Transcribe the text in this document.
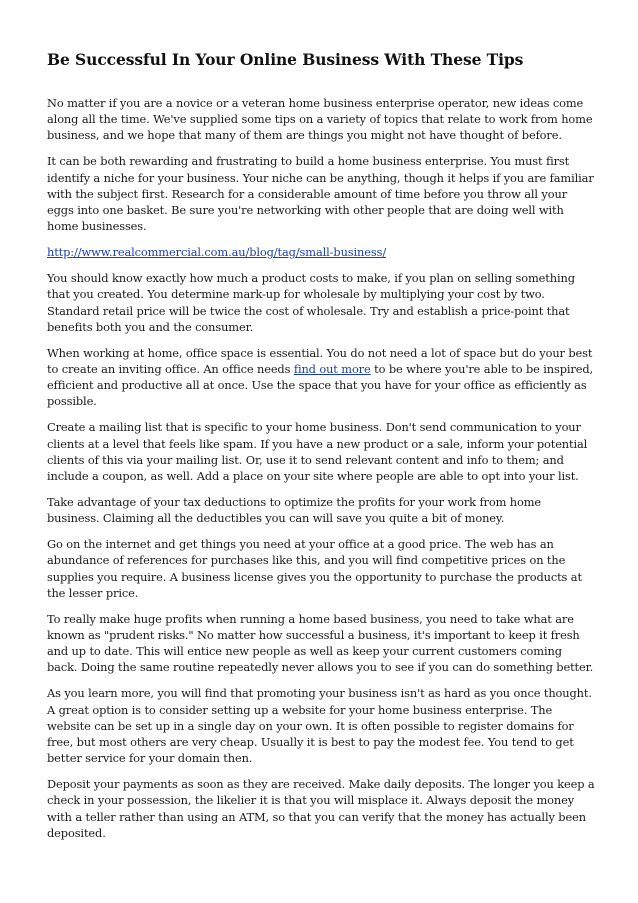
Be Successful In Your Online Business With These Tips

No matter if you are a novice or a veteran home business enterprise operator, new ideas come along all the time. We've supplied some tips on a variety of topics that relate to work from home business, and we hope that many of them are things you might not have thought of before.

It can be both rewarding and frustrating to build a home business enterprise. You must first identify a niche for your business. Your niche can be anything, though it helps if you are familiar with the subject first. Research for a considerable amount of time before you throw all your eggs into one basket. Be sure you're networking with other people that are doing well with home businesses.

http://www.realcommercial.com.au/blog/tag/small-business/

You should know exactly how much a product costs to make, if you plan on selling something that you created. You determine mark-up for wholesale by multiplying your cost by two. Standard retail price will be twice the cost of wholesale. Try and establish a price-point that benefits both you and the consumer.

When working at home, office space is essential. You do not need a lot of space but do your best to create an inviting office. An office needs find out more to be where you're able to be inspired, efficient and productive all at once. Use the space that you have for your office as efficiently as possible.

Create a mailing list that is specific to your home business. Don't send communication to your clients at a level that feels like spam. If you have a new product or a sale, inform your potential clients of this via your mailing list. Or, use it to send relevant content and info to them; and include a coupon, as well. Add a place on your site where people are able to opt into your list.

Take advantage of your tax deductions to optimize the profits for your work from home business. Claiming all the deductibles you can will save you quite a bit of money.

Go on the internet and get things you need at your office at a good price. The web has an abundance of references for purchases like this, and you will find competitive prices on the supplies you require. A business license gives you the opportunity to purchase the products at the lesser price.

To really make huge profits when running a home based business, you need to take what are known as "prudent risks." No matter how successful a business, it's important to keep it fresh and up to date. This will entice new people as well as keep your current customers coming back. Doing the same routine repeatedly never allows you to see if you can do something better.

As you learn more, you will find that promoting your business isn't as hard as you once thought. A great option is to consider setting up a website for your home business enterprise. The website can be set up in a single day on your own. It is often possible to register domains for free, but most others are very cheap. Usually it is best to pay the modest fee. You tend to get better service for your domain then.

Deposit your payments as soon as they are received. Make daily deposits. The longer you keep a check in your possession, the likelier it is that you will misplace it. Always deposit the money with a teller rather than using an ATM, so that you can verify that the money has actually been deposited.
